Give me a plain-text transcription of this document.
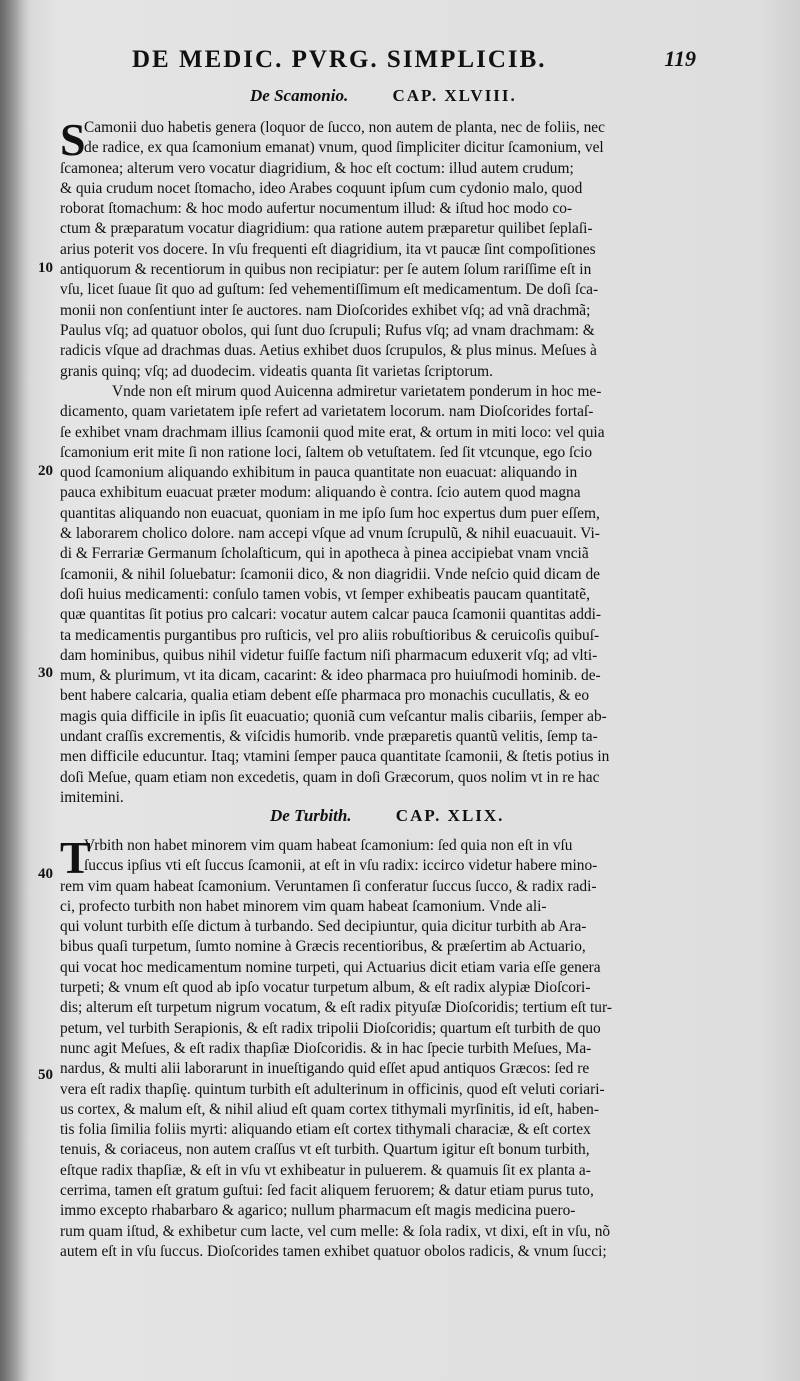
DE MEDIC. PVRG. SIMPLICIB.	119
De Scamonio.	CAP. XLVIII.
S
Camonii duo habetis genera (loquor de ſucco, non autem de planta, nec de foliis, nec
de radice, ex qua ſcamonium emanat) vnum, quod ſimpliciter dicitur ſcamonium, vel
ſcamonea; alterum vero vocatur diagridium, & hoc eſt coctum: illud autem crudum;
& quia crudum nocet ſtomacho, ideo Arabes coquunt ipſum cum cydonio malo, quod
roborat ſtomachum: & hoc modo aufertur nocumentum illud: & iſtud hoc modo co-
ctum & præparatum vocatur diagridium: qua ratione autem præparetur quilibet ſeplaſi-
arius poterit vos docere. In vſu frequenti eſt diagridium, ita vt paucæ ſint compoſitiones
antiquorum & recentiorum in quibus non recipiatur: per ſe autem ſolum rariſſime eſt in
vſu, licet ſuaue ſit quo ad guſtum: ſed vehementiſſimum eſt medicamentum. De doſi ſca-
monii non conſentiunt inter ſe auctores. nam Dioſcorides exhibet vſq; ad vnã drachmã;
Paulus vſq; ad quatuor obolos, qui ſunt duo ſcrupuli; Rufus vſq; ad vnam drachmam: &
radicis vſque ad drachmas duas. Aetius exhibet duos ſcrupulos, & plus minus. Meſues à
granis quinq; vſq; ad duodecim. videatis quanta ſit varietas ſcriptorum.
Vnde non eſt mirum quod Auicenna admiretur varietatem ponderum in hoc me-
dicamento, quam varietatem ipſe refert ad varietatem locorum. nam Dioſcorides fortaſ-
ſe exhibet vnam drachmam illius ſcamonii quod mite erat, & ortum in miti loco: vel quia
ſcamonium erit mite ſi non ratione loci, ſaltem ob vetuſtatem. ſed ſit vtcunque, ego ſcio
quod ſcamonium aliquando exhibitum in pauca quantitate non euacuat: aliquando in
pauca exhibitum euacuat præter modum: aliquando è contra. ſcio autem quod magna
quantitas aliquando non euacuat, quoniam in me ipſo ſum hoc expertus dum puer eſſem,
& laborarem cholico dolore. nam accepi vſque ad vnum ſcrupulũ, & nihil euacuauit. Vi-
di & Ferrariæ Germanum ſcholaſticum, qui in apotheca à pinea accipiebat vnam vnciã
ſcamonii, & nihil ſoluebatur: ſcamonii dico, & non diagridii. Vnde neſcio quid dicam de
doſi huius medicamenti: conſulo tamen vobis, vt ſemper exhibeatis paucam quantitatẽ,
quæ quantitas ſit potius pro calcari: vocatur autem calcar pauca ſcamonii quantitas addi-
ta medicamentis purgantibus pro ruſticis, vel pro aliis robuſtioribus & ceruicoſis quibuſ-
dam hominibus, quibus nihil videtur fuiſſe factum niſi pharmacum eduxerit vſq; ad vlti-
mum, & plurimum, vt ita dicam, cacarint: & ideo pharmaca pro huiuſmodi hominib. de-
bent habere calcaria, qualia etiam debent eſſe pharmaca pro monachis cucullatis, & eo
magis quia difficile in ipſis ſit euacuatio; quoniã cum veſcantur malis cibariis, ſemper ab-
undant craſſis excrementis, & viſcidis humorib. vnde præparetis quantũ velitis, ſemp ta-
men difficile educuntur. Itaq; vtamini ſemper pauca quantitate ſcamonii, & ſtetis potius in
doſi Meſue, quam etiam non excedetis, quam in doſi Græcorum, quos nolim vt in re hac
imitemini.
De Turbith.	CAP. XLIX.
T
Vrbith non habet minorem vim quam habeat ſcamonium: ſed quia non eſt in vſu
ſuccus ipſius vti eſt ſuccus ſcamonii, at eſt in vſu radix: iccirco videtur habere mino-
rem vim quam habeat ſcamonium. Veruntamen ſi conferatur ſuccus ſucco, & radix radi-
ci, profecto turbith non habet minorem vim quam habeat ſcamonium. Vnde ali-
qui volunt turbith eſſe dictum à turbando. Sed decipiuntur, quia dicitur turbith ab Ara-
bibus quaſi turpetum, ſumto nomine à Græcis recentioribus, & præſertim ab Actuario,
qui vocat hoc medicamentum nomine turpeti, qui Actuarius dicit etiam varia eſſe genera
turpeti; & vnum eſt quod ab ipſo vocatur turpetum album, & eſt radix alypiæ Dioſcori-
dis; alterum eſt turpetum nigrum vocatum, & eſt radix pityuſæ Dioſcoridis; tertium eſt tur-
petum, vel turbith Serapionis, & eſt radix tripolii Dioſcoridis; quartum eſt turbith de quo
nunc agit Meſues, & eſt radix thapſiæ Dioſcoridis. & in hac ſpecie turbith Meſues, Ma-
nardus, & multi alii laborarunt in inueſtigando quid eſſet apud antiquos Græcos: ſed re
vera eſt radix thapſię. quintum turbith eſt adulterinum in officinis, quod eſt veluti coriari-
us cortex, & malum eſt, & nihil aliud eſt quam cortex tithymali myrſinitis, id eſt, haben-
tis folia ſimilia foliis myrti: aliquando etiam eſt cortex tithymali characiæ, & eſt cortex
tenuis, & coriaceus, non autem craſſus vt eſt turbith. Quartum igitur eſt bonum turbith,
eſtque radix thapſiæ, & eſt in vſu vt exhibeatur in puluerem. & quamuis ſit ex planta a-
cerrima, tamen eſt gratum guſtui: ſed facit aliquem feruorem; & datur etiam purus tuto,
immo excepto rhabarbaro & agarico; nullum pharmacum eſt magis medicina puero-
rum quam iſtud, & exhibetur cum lacte, vel cum melle: & ſola radix, vt dixi, eſt in vſu, nõ
autem eſt in vſu ſuccus. Dioſcorides tamen exhibet quatuor obolos radicis, & vnum ſucci;
10
20
30
40
50
